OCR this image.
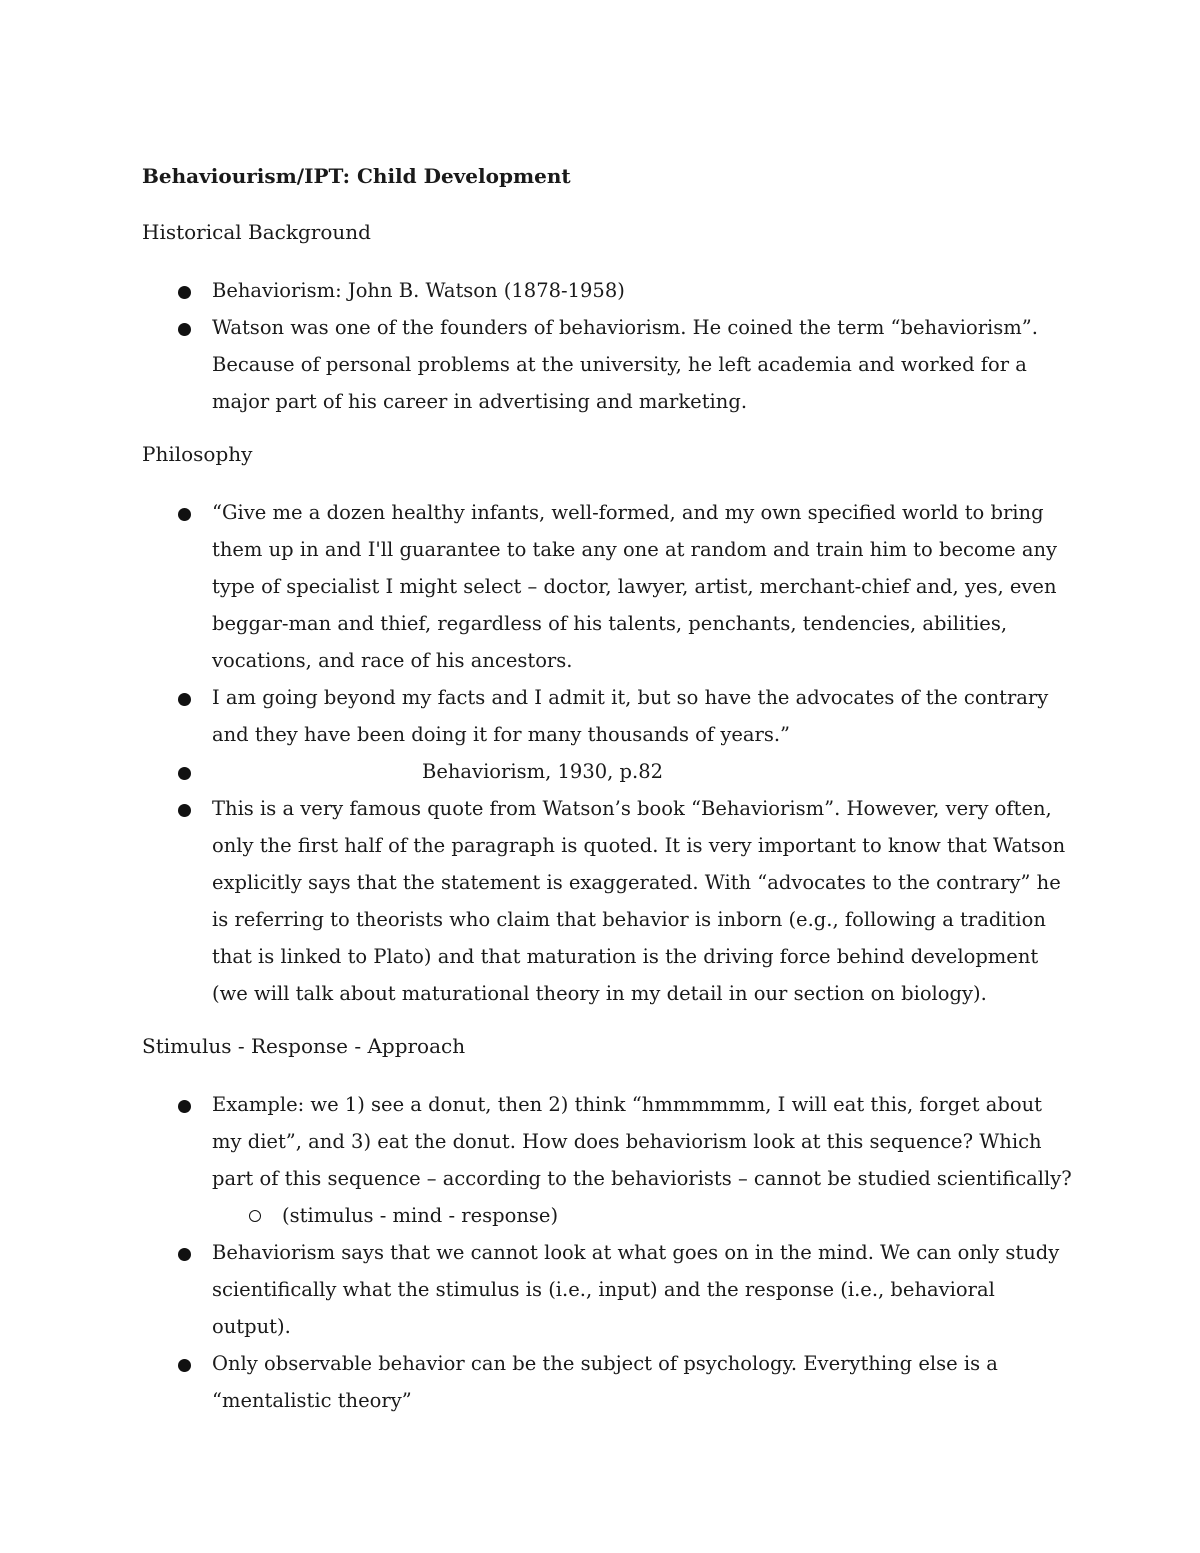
Behaviourism/IPT: Child Development
Historical Background
Behaviorism: John B. Watson (1878-1958)
Watson was one of the founders of behaviorism. He coined the term “behaviorism”. Because of personal problems at the university, he left academia and worked for a major part of his career in advertising and marketing.
Philosophy
“Give me a dozen healthy infants, well-formed, and my own specified world to bring them up in and I'll guarantee to take any one at random and train him to become any type of specialist I might select – doctor, lawyer, artist, merchant-chief and, yes, even beggar-man and thief, regardless of his talents, penchants, tendencies, abilities, vocations, and race of his ancestors.
I am going beyond my facts and I admit it, but so have the advocates of the contrary and they have been doing it for many thousands of years.”
Behaviorism, 1930, p.82
This is a very famous quote from Watson’s book “Behaviorism”. However, very often, only the first half of the paragraph is quoted. It is very important to know that Watson explicitly says that the statement is exaggerated. With “advocates to the contrary” he is referring to theorists who claim that behavior is inborn (e.g., following a tradition that is linked to Plato) and that maturation is the driving force behind development (we will talk about maturational theory in my detail in our section on biology).
Stimulus - Response - Approach
Example: we 1) see a donut, then 2) think “hmmmmmm, I will eat this, forget about my diet”, and 3) eat the donut. How does behaviorism look at this sequence? Which part of this sequence – according to the behaviorists – cannot be studied scientifically?
(stimulus - mind - response)
Behaviorism says that we cannot look at what goes on in the mind. We can only study scientifically what the stimulus is (i.e., input) and the response (i.e., behavioral output).
Only observable behavior can be the subject of psychology. Everything else is a “mentalistic theory”
